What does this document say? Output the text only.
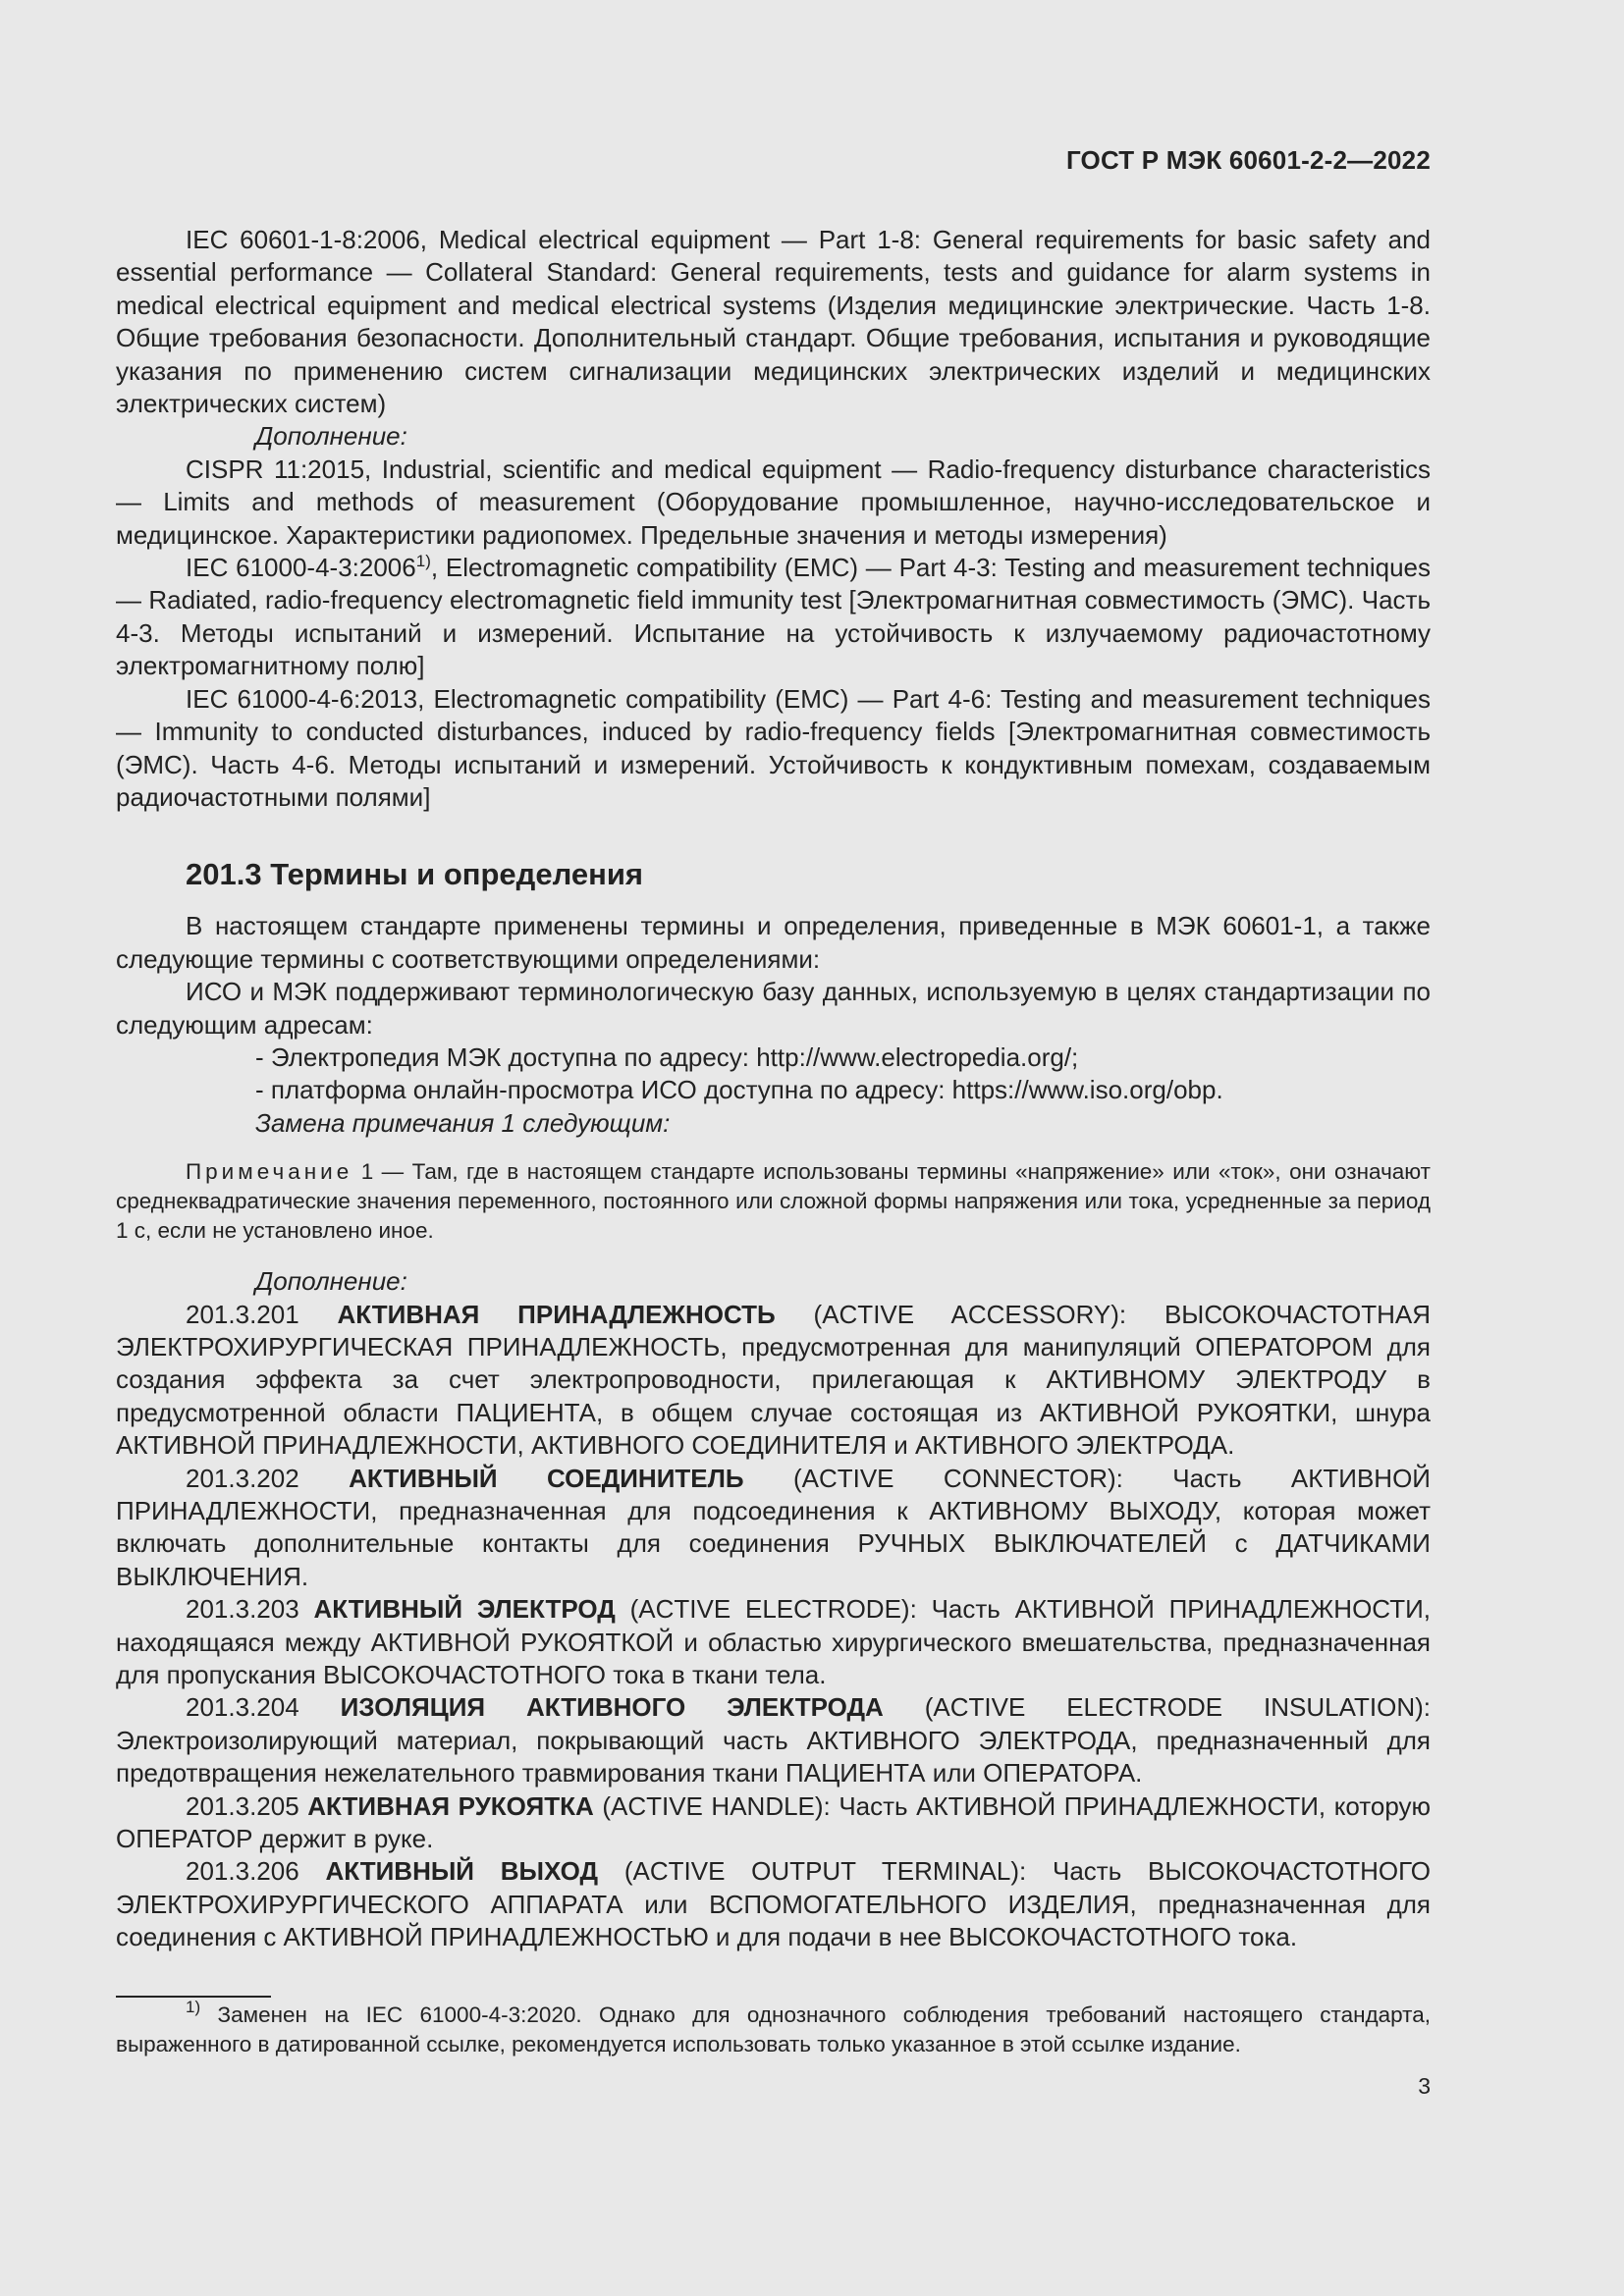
ГОСТ Р МЭК 60601-2-2—2022

IEC 60601-1-8:2006, Medical electrical equipment — Part 1-8: General requirements for basic safety and essential performance — Collateral Standard: General requirements, tests and guidance for alarm systems in medical electrical equipment and medical electrical systems (Изделия медицинские электрические. Часть 1-8. Общие требования безопасности. Дополнительный стандарт. Общие требования, испытания и руководящие указания по применению систем сигнализации медицинских электрических изделий и медицинских электрических систем)

Дополнение:

CISPR 11:2015, Industrial, scientific and medical equipment — Radio-frequency disturbance characteristics — Limits and methods of measurement (Оборудование промышленное, научно-исследовательское и медицинское. Характеристики радиопомех. Предельные значения и методы измерения)

IEC 61000-4-3:2006$^{1)}$, Electromagnetic compatibility (EMC) — Part 4-3: Testing and measurement techniques — Radiated, radio-frequency electromagnetic field immunity test [Электромагнитная совместимость (ЭМС). Часть 4-3. Методы испытаний и измерений. Испытание на устойчивость к излучаемому радиочастотному электромагнитному полю]

IEC 61000-4-6:2013, Electromagnetic compatibility (EMC) — Part 4-6: Testing and measurement techniques — Immunity to conducted disturbances, induced by radio-frequency fields [Электромагнитная совместимость (ЭМС). Часть 4-6. Методы испытаний и измерений. Устойчивость к кондуктивным помехам, создаваемым радиочастотными полями]

201.3 Термины и определения

В настоящем стандарте применены термины и определения, приведенные в МЭК 60601-1, а также следующие термины с соответствующими определениями:

ИСО и МЭК поддерживают терминологическую базу данных, используемую в целях стандартизации по следующим адресам:

- Электропедия МЭК доступна по адресу: http://www.electropedia.org/;

- платформа онлайн-просмотра ИСО доступна по адресу: https://www.iso.org/obp.

Замена примечания 1 следующим:

Примечание 1 — Там, где в настоящем стандарте использованы термины «напряжение» или «ток», они означают среднеквадратические значения переменного, постоянного или сложной формы напряжения или тока, усредненные за период 1 с, если не установлено иное.

Дополнение:

201.3.201 АКТИВНАЯ ПРИНАДЛЕЖНОСТЬ (ACTIVE ACCESSORY): ВЫСОКОЧАСТОТНАЯ ЭЛЕКТРОХИРУРГИЧЕСКАЯ ПРИНАДЛЕЖНОСТЬ, предусмотренная для манипуляций ОПЕРАТОРОМ для создания эффекта за счет электропроводности, прилегающая к АКТИВНОМУ ЭЛЕКТРОДУ в предусмотренной области ПАЦИЕНТА, в общем случае состоящая из АКТИВНОЙ РУКОЯТКИ, шнура АКТИВНОЙ ПРИНАДЛЕЖНОСТИ, АКТИВНОГО СОЕДИНИТЕЛЯ и АКТИВНОГО ЭЛЕКТРОДА.

201.3.202 АКТИВНЫЙ СОЕДИНИТЕЛЬ (ACTIVE CONNECTOR): Часть АКТИВНОЙ ПРИНАДЛЕЖНОСТИ, предназначенная для подсоединения к АКТИВНОМУ ВЫХОДУ, которая может включать дополнительные контакты для соединения РУЧНЫХ ВЫКЛЮЧАТЕЛЕЙ с ДАТЧИКАМИ ВЫКЛЮЧЕНИЯ.

201.3.203 АКТИВНЫЙ ЭЛЕКТРОД (ACTIVE ELECTRODE): Часть АКТИВНОЙ ПРИНАДЛЕЖНОСТИ, находящаяся между АКТИВНОЙ РУКОЯТКОЙ и областью хирургического вмешательства, предназначенная для пропускания ВЫСОКОЧАСТОТНОГО тока в ткани тела.

201.3.204 ИЗОЛЯЦИЯ АКТИВНОГО ЭЛЕКТРОДА (ACTIVE ELECTRODE INSULATION): Электроизолирующий материал, покрывающий часть АКТИВНОГО ЭЛЕКТРОДА, предназначенный для предотвращения нежелательного травмирования ткани ПАЦИЕНТА или ОПЕРАТОРА.

201.3.205 АКТИВНАЯ РУКОЯТКА (ACTIVE HANDLE): Часть АКТИВНОЙ ПРИНАДЛЕЖНОСТИ, которую ОПЕРАТОР держит в руке.

201.3.206 АКТИВНЫЙ ВЫХОД (ACTIVE OUTPUT TERMINAL): Часть ВЫСОКОЧАСТОТНОГО ЭЛЕКТРОХИРУРГИЧЕСКОГО АППАРАТА или ВСПОМОГАТЕЛЬНОГО ИЗДЕЛИЯ, предназначенная для соединения с АКТИВНОЙ ПРИНАДЛЕЖНОСТЬЮ и для подачи в нее ВЫСОКОЧАСТОТНОГО тока.

$^{1)}$ Заменен на IEC 61000-4-3:2020. Однако для однозначного соблюдения требований настоящего стандарта, выраженного в датированной ссылке, рекомендуется использовать только указанное в этой ссылке издание.

3
